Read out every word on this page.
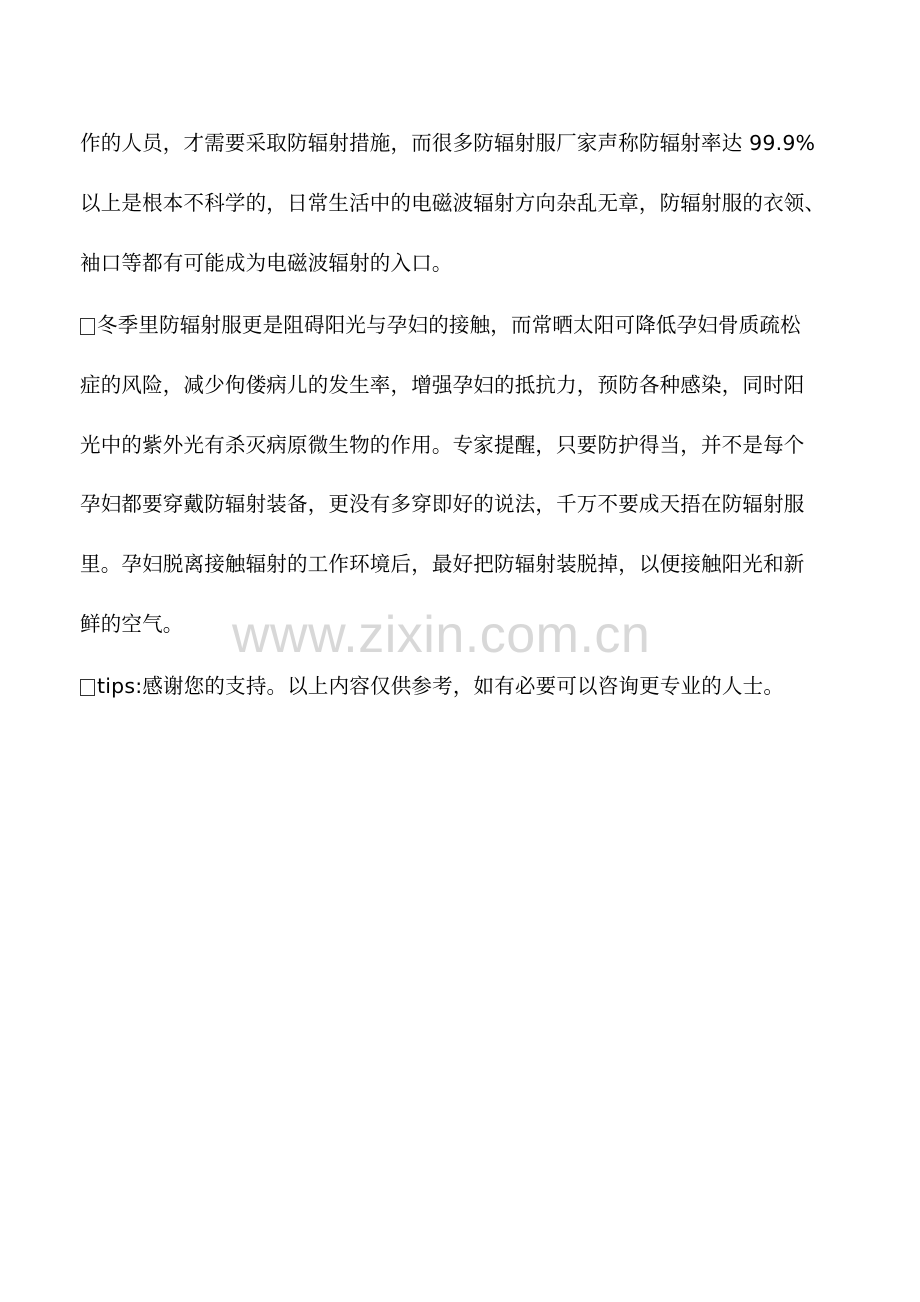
www.zixin.com.cn
作的人员，才需要采取防辐射措施，而很多防辐射服厂家声称防辐射率达 99.9%
以上是根本不科学的，日常生活中的电磁波辐射方向杂乱无章，防辐射服的衣领、
袖口等都有可能成为电磁波辐射的入口。
冬季里防辐射服更是阻碍阳光与孕妇的接触，而常晒太阳可降低孕妇骨质疏松
症的风险，减少佝偻病儿的发生率，增强孕妇的抵抗力，预防各种感染，同时阳
光中的紫外光有杀灭病原微生物的作用。专家提醒，只要防护得当，并不是每个
孕妇都要穿戴防辐射装备，更没有多穿即好的说法，千万不要成天捂在防辐射服
里。孕妇脱离接触辐射的工作环境后，最好把防辐射装脱掉，以便接触阳光和新
鲜的空气。
tips:感谢您的支持。以上内容仅供参考，如有必要可以咨询更专业的人士。
